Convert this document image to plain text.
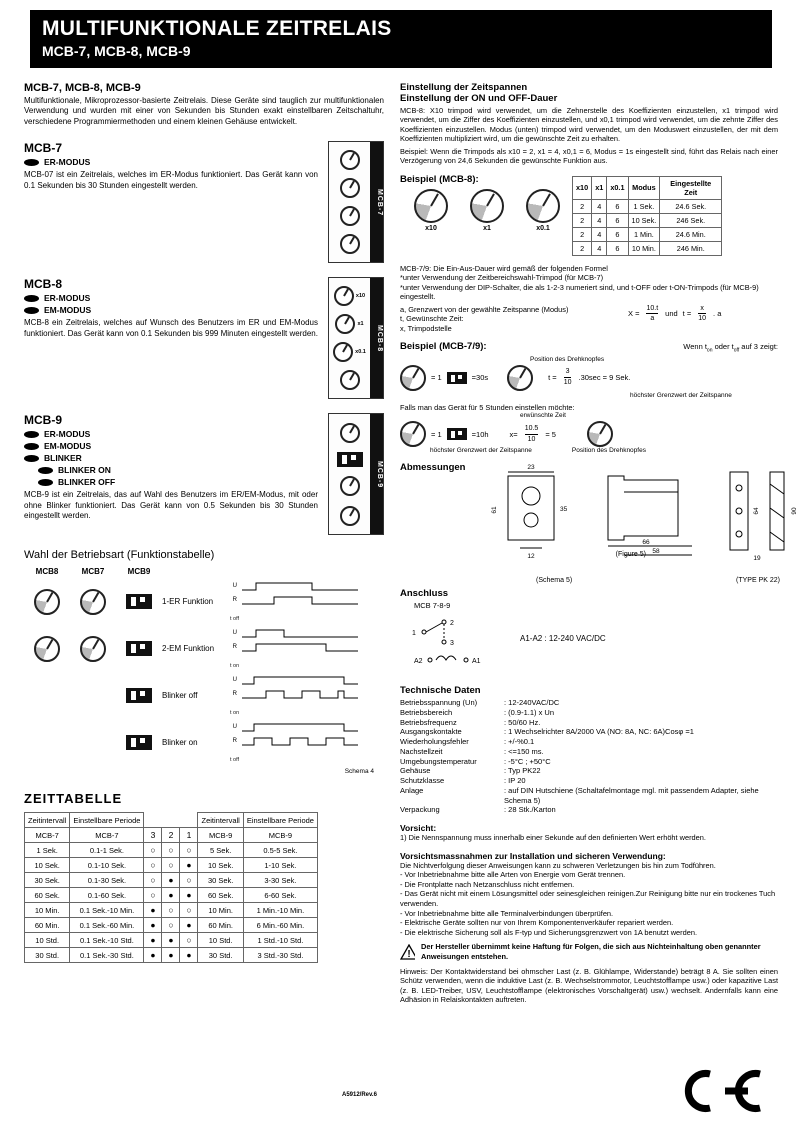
MULTIFUNKTIONALE ZEITRELAIS
MCB-7, MCB-8, MCB-9
MCB-7, MCB-8, MCB-9

Multifunktionale, Mikroprozessor-basierte Zeitrelais. Diese Geräte sind tauglich zur multifunktionalen Verwendung und wurden mit einer von Sekunden bis Stunden exakt einstellbaren Zeitschaltuhr, verschiedene Programmiermethoden und einem kleinen Gehäuse entwickelt.

MCB-7
ER-MODUS

MCB-07 ist ein Zeitrelais, welches im ER-Modus funktioniert. Das Gerät kann von 0.1 Sekunden bis 30 Stunden eingestellt werden.

MCB-7
MCB-8
ER-MODUS
EM-MODUS

MCB-8 ein Zeitrelais, welches auf Wunsch des Benutzers im ER und EM-Modus funktioniert. Das Gerät kann von 0.1 Sekunden bis 999 Minuten eingestellt werden.

x10
x1
x0.1
MCB-8
MCB-9
ER-MODUS
EM-MODUS
BLINKER
BLINKER ON
BLINKER OFF

MCB-9 ist ein Zeitrelais, das auf Wahl des Benutzers im ER/EM-Modus, mit oder ohne Blinker funktioniert. Das Gerät kann von 0.5 Sekunden bis 30 Stunden eingestellt werden.

MCB-9
Wahl der Betriebsart (Funktionstabelle)
MCB8	MCB7	MCB9
1-ER Funktion
U
R
t off
2-EM Funktion
U
R
t on
Blinker off
U
R
t on
Blinker on
U
R
t off
Schema 4
ZEITTABELLE
Zeitintervall	Einstellbare Periode				Zeitintervall	Einstellbare Periode
MCB-7	MCB-7	3	2	1	MCB-9	MCB-9
1 Sek.	0.1-1 Sek.	○	○	○	5 Sek.	0.5-5 Sek.
10 Sek.	0.1-10 Sek.	○	○	●	10 Sek.	1-10 Sek.
30 Sek.	0.1-30 Sek.	○	●	○	30 Sek.	3-30 Sek.
60 Sek.	0.1-60 Sek.	○	●	●	60 Sek.	6-60 Sek.
10 Min.	0.1 Sek.-10 Min.	●	○	○	10 Min.	1 Min.-10 Min.
60 Min.	0.1 Sek.-60 Min.	●	○	●	60 Min.	6 Min.-60 Min.
10 Std.	0.1 Sek.-10 Std.	●	●	○	10 Std.	1 Std.-10 Std.
30 Std.	0.1 Sek.-30 Std.	●	●	●	30 Std.	3 Std.-30 Std.
Einstellung der Zeitspannen
Einstellung der ON und OFF-Dauer

MCB-8: X10 trimpod wird verwendet, um die Zehnerstelle des Koeffizienten einzustellen, x1 trimpod wird verwendet, um die Ziffer des Koeffizienten einzustellen, und x0,1 trimpod wird verwendet, um die zehnte Ziffer des Koeffizienten einzustellen. Modus (unten) trimpod wird verwendet, um den Moduswert einzustellen, der mit dem Koeffizienten multipliziert wird, um die gewünschte Zeit zu erhalten.

Beispiel: Wenn die Trimpods als x10 = 2, x1 = 4, x0,1 = 6, Modus = 1s eingestellt sind, führt das Relais nach einer Verzögerung von 24,6 Sekunden die gewünschte Funktion aus.

Beispiel (MCB-8):
x10	x1	x0.1
x10	x1	x0.1	Modus	Eingestellte Zeit
2	4	6	1 Sek.	24.6 Sek.
2	4	6	10 Sek.	246 Sek.
2	4	6	1 Min.	24.6 Min.
2	4	6	10 Min.	246 Min.
MCB-7/9: Die Ein-Aus-Dauer wird gemäß der folgenden Formel
*unter Verwendung der Zeitbereichswahl-Trimpod (für MCB-7)
*unter Verwendung der DIP-Schalter, die als 1-2-3 numeriert sind, und t-OFF oder t-ON-Trimpods (für MCB-9) eingestellt.
a, Grenzwert von der gewählte Zeitspanne (Modus)
t, Gewünschte Zeit:
x, Trimpodstelle
$X = \frac{10.t}{a}$ und $t = \frac{x}{10}$ . a
Beispiel (MCB-7/9):	Wenn $t_{on}$ oder $t_{off}$ auf 3 zeigt:
Position des Drehknopfes
= 1	=30s	$t = \frac{3}{10} .30\sec = 9$ Sek.
höchster Grenzwert der Zeitspanne
Falls man das Gerät für 5 Stunden einstellen möchte:
erwünschte Zeit
= 1	=10h	$x= \frac{10.5}{10} = 5$
höchster Grenzwert der Zeitspanne	Position des Drehknopfes
Abmessungen	23
35
61
12
66
58
64	90
19
(Figure 5)
(Schema 5)	(TYPE PK 22)
Anschluss
MCB 7-8-9
2
3
1
A2	A1
A1-A2 : 12-240 VAC/DC
Technische Daten
Betriebsspannung (Un)	: 12-240VAC/DC
Betriebsbereich	: (0.9-1.1) x Un
Betriebsfrequenz	: 50/60 Hz.
Ausgangskontakte	: 1 Wechselrichter 8A/2000 VA (NO: 8A, NC: 6A)Cosφ =1
Wiederholungsfehler	: +/-%0.1
Nachstellzeit	: <=150 ms.
Umgebungstemperatur	: -5°C ; +50°C
Gehäuse	: Typ PK22
Schutzklasse	: IP 20
Anlage	: auf DIN Hutschiene (Schaltafelmontage mgl. mit passendem Adapter, siehe Schema 5)
Verpackung	: 28 Stk./Karton
Vorsicht:
1) Die Nennspannung muss innerhalb einer Sekunde auf den definierten Wert erhöht werden.
Vorsichtsmassnahmen zur Installation und sicheren Verwendung:
Die Nichtverfolgung dieser Anweisungen kann zu schweren Verletzungen bis hin zum Todführen.
- Vor Inbetriebnahme bitte alle Arten von Energie vom Gerät trennen.
- Die Frontplatte nach Netzanschluss nicht entfernen.
- Das Gerät nicht mit einem Lösungsmittel oder seinesgleichen reinigen.Zur Reinigung bitte nur ein trockenes Tuch verwenden.
- Vor Inbetriebnahme bitte alle Terminalverbindungen überprüfen.
- Elektrische Geräte sollten nur von Ihrem Komponentenverkäufer repariert werden.
- Die elektrische Sicherung soll als F-typ und Sicherungsgrenzwert von 1A benutzt werden.
!
Der Hersteller übernimmt keine Haftung für Folgen, die sich aus Nichteinhaltung oben genannter Anweisungen entstehen.

Hinweis: Der Kontaktwiderstand bei ohmscher Last (z. B. Glühlampe, Widerstande) beträgt 8 A. Sie sollten einen Schütz verwenden, wenn die induktive Last (z. B. Wechselstrommotor, Leuchtstofflampe usw.) oder kapazitive Last (z. B. LED-Treiber, USV, Leuchtstofflampe (elektronisches Vorschaltgerät) usw.) wechselt. Andernfalls kann eine Adhäsion in Relaiskontakten auftreten.

A5912/Rev.6
